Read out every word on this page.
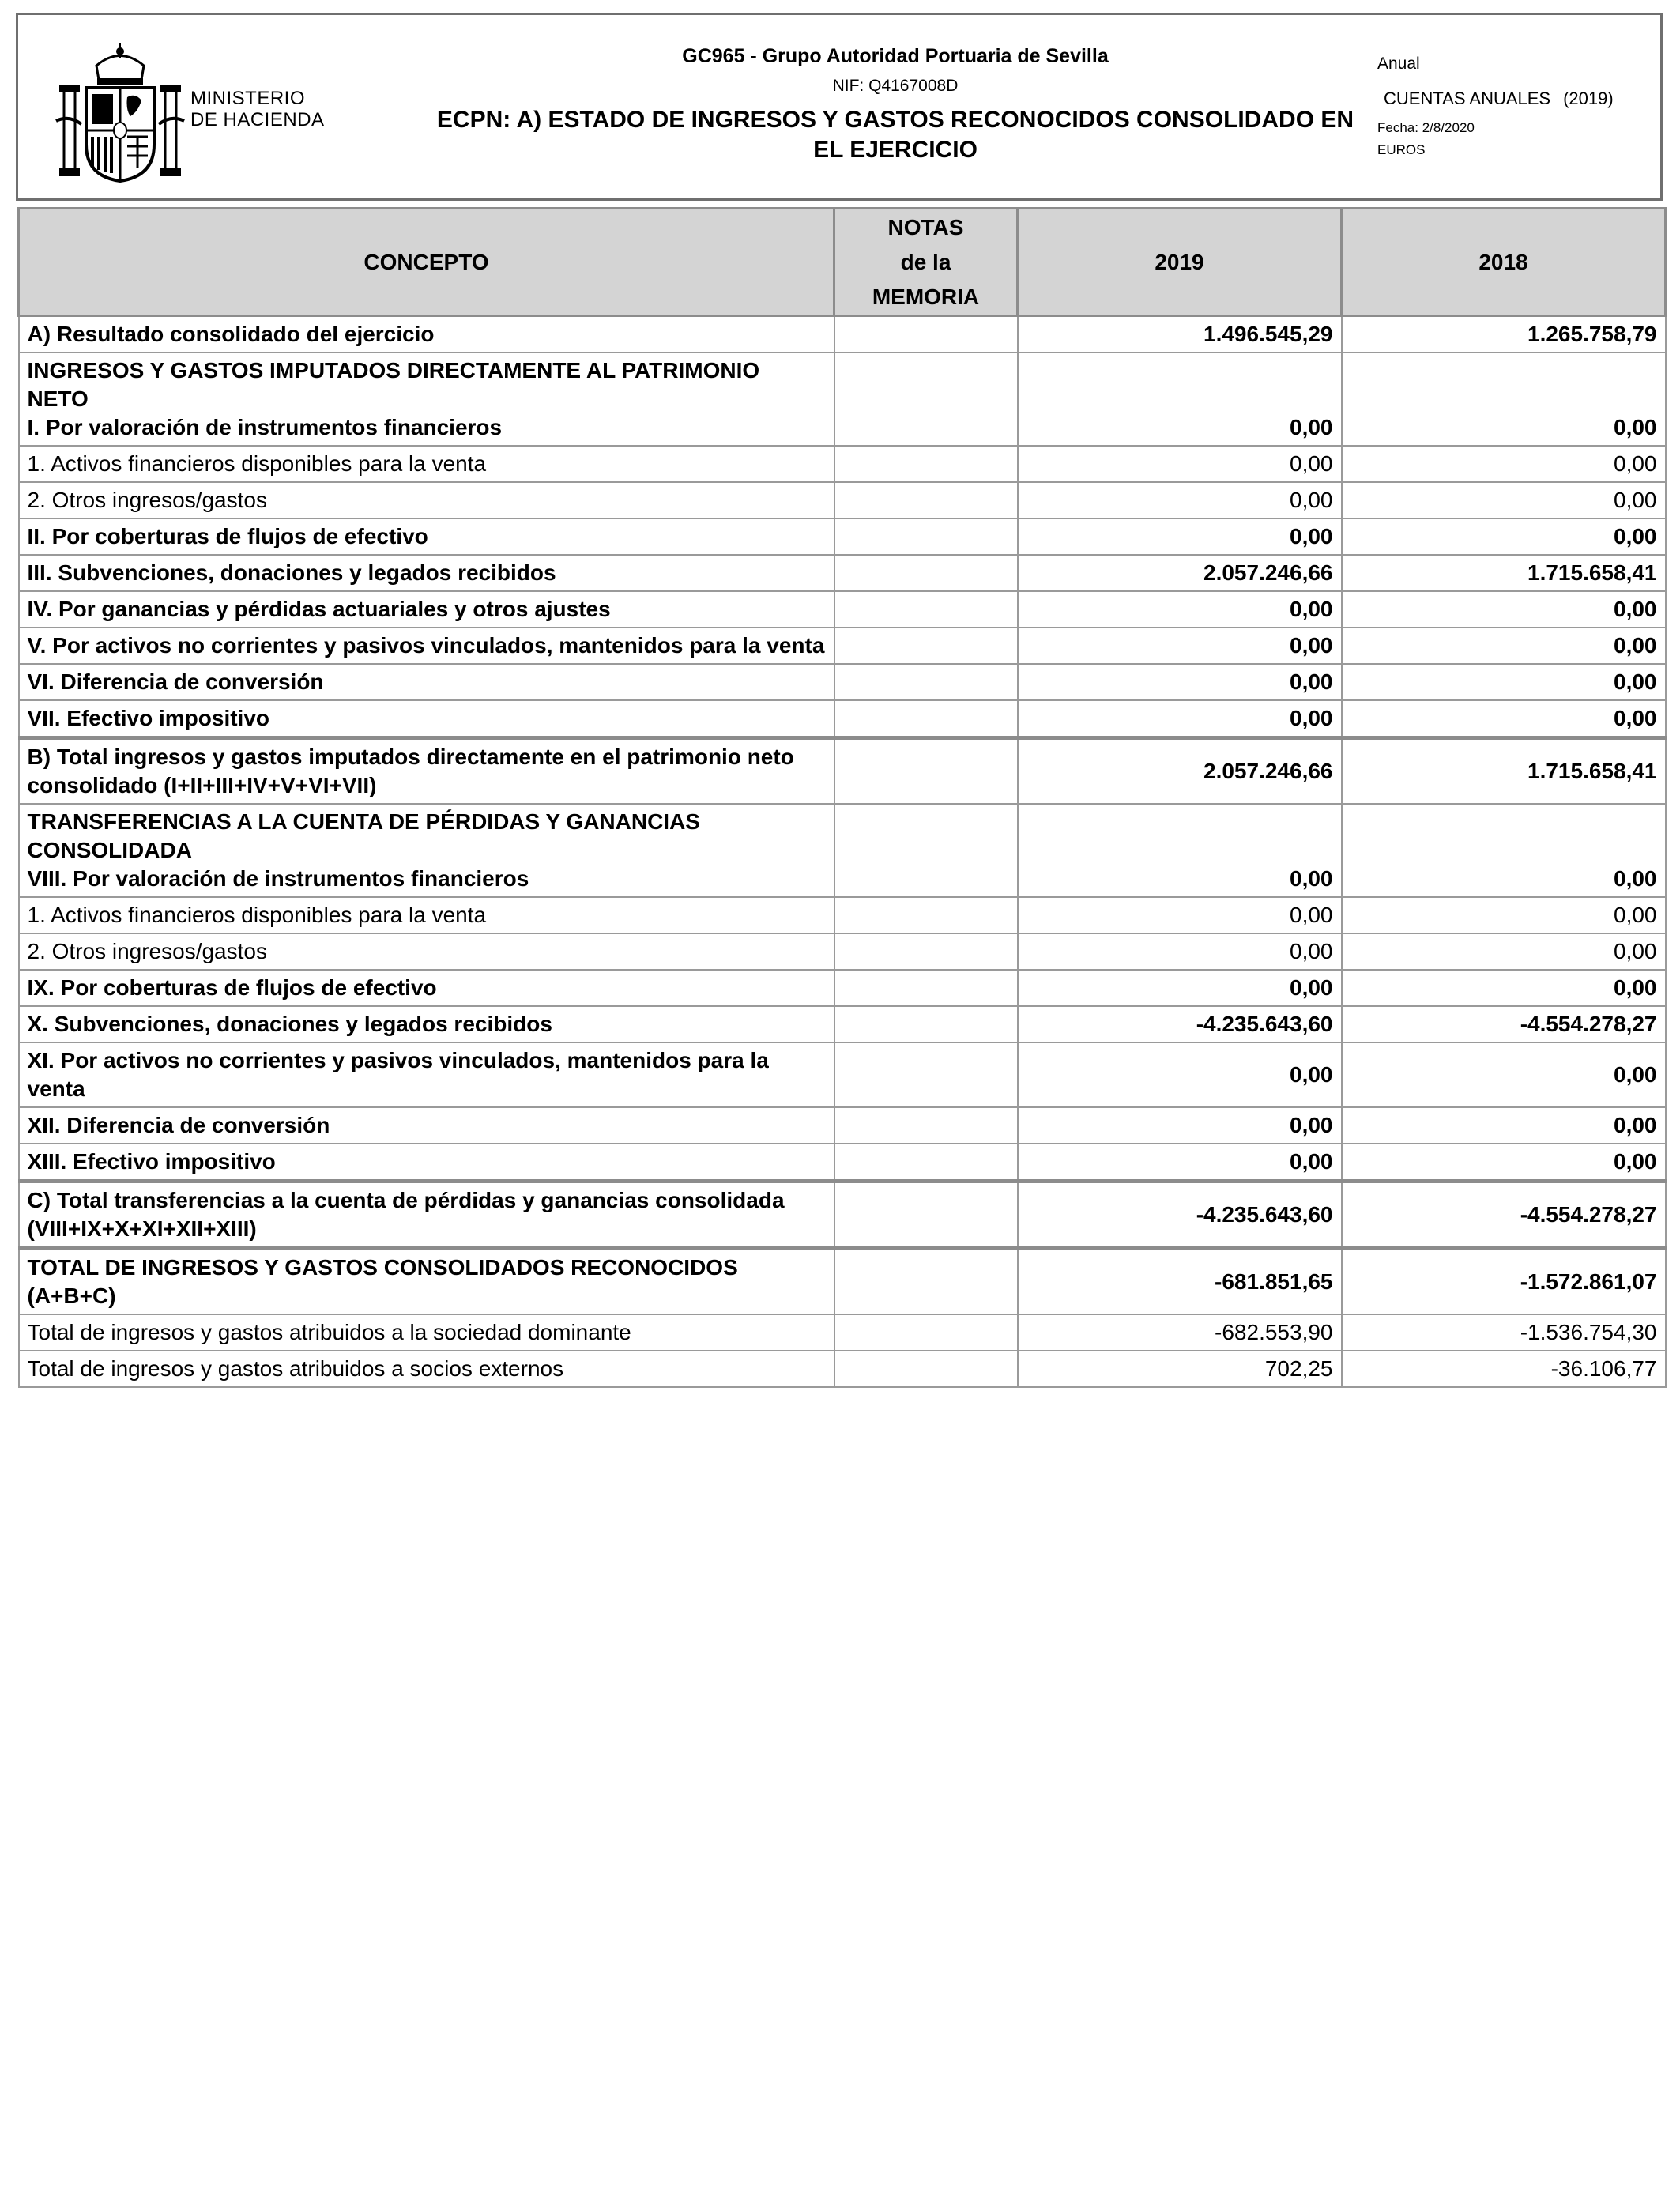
MINISTERIO
DE HACIENDA
GC965 - Grupo Autoridad Portuaria de Sevilla
NIF: Q4167008D
ECPN: A) ESTADO DE INGRESOS Y GASTOS RECONOCIDOS CONSOLIDADO EN
EL EJERCICIO
Anual
CUENTAS ANUALES (2019)
Fecha: 2/8/2020
EUROS
CONCEPTO	NOTAS
de la
MEMORIA	2019	2018
A) Resultado consolidado del ejercicio		1.496.545,29	1.265.758,79

INGRESOS Y GASTOS IMPUTADOS DIRECTAMENTE AL PATRIMONIO NETO
I. Por valoración de instrumentos financieros		0,00	0,00
1. Activos financieros disponibles para la venta		0,00	0,00
2. Otros ingresos/gastos		0,00	0,00
II. Por coberturas de flujos de efectivo		0,00	0,00
III. Subvenciones, donaciones y legados recibidos		2.057.246,66	1.715.658,41
IV. Por ganancias y pérdidas actuariales y otros ajustes		0,00	0,00
V. Por activos no corrientes y pasivos vinculados, mantenidos para la venta		0,00	0,00
VI. Diferencia de conversión		0,00	0,00
VII. Efectivo impositivo		0,00	0,00
B) Total ingresos y gastos imputados directamente en el patrimonio neto consolidado (I+II+III+IV+V+VI+VII)		2.057.246,66	1.715.658,41

TRANSFERENCIAS A LA CUENTA DE PÉRDIDAS Y GANANCIAS CONSOLIDADA
VIII. Por valoración de instrumentos financieros		0,00	0,00
1. Activos financieros disponibles para la venta		0,00	0,00
2. Otros ingresos/gastos		0,00	0,00
IX. Por coberturas de flujos de efectivo		0,00	0,00
X. Subvenciones, donaciones y legados recibidos		-4.235.643,60	-4.554.278,27
XI. Por activos no corrientes y pasivos vinculados, mantenidos para la venta		0,00	0,00
XII. Diferencia de conversión		0,00	0,00
XIII. Efectivo impositivo		0,00	0,00
C) Total transferencias a la cuenta de pérdidas y ganancias consolidada (VIII+IX+X+XI+XII+XIII)		-4.235.643,60	-4.554.278,27
TOTAL DE INGRESOS Y GASTOS CONSOLIDADOS RECONOCIDOS (A+B+C)		-681.851,65	-1.572.861,07
Total de ingresos y gastos atribuidos a la sociedad dominante		-682.553,90	-1.536.754,30
Total de ingresos y gastos atribuidos a socios externos		702,25	-36.106,77
